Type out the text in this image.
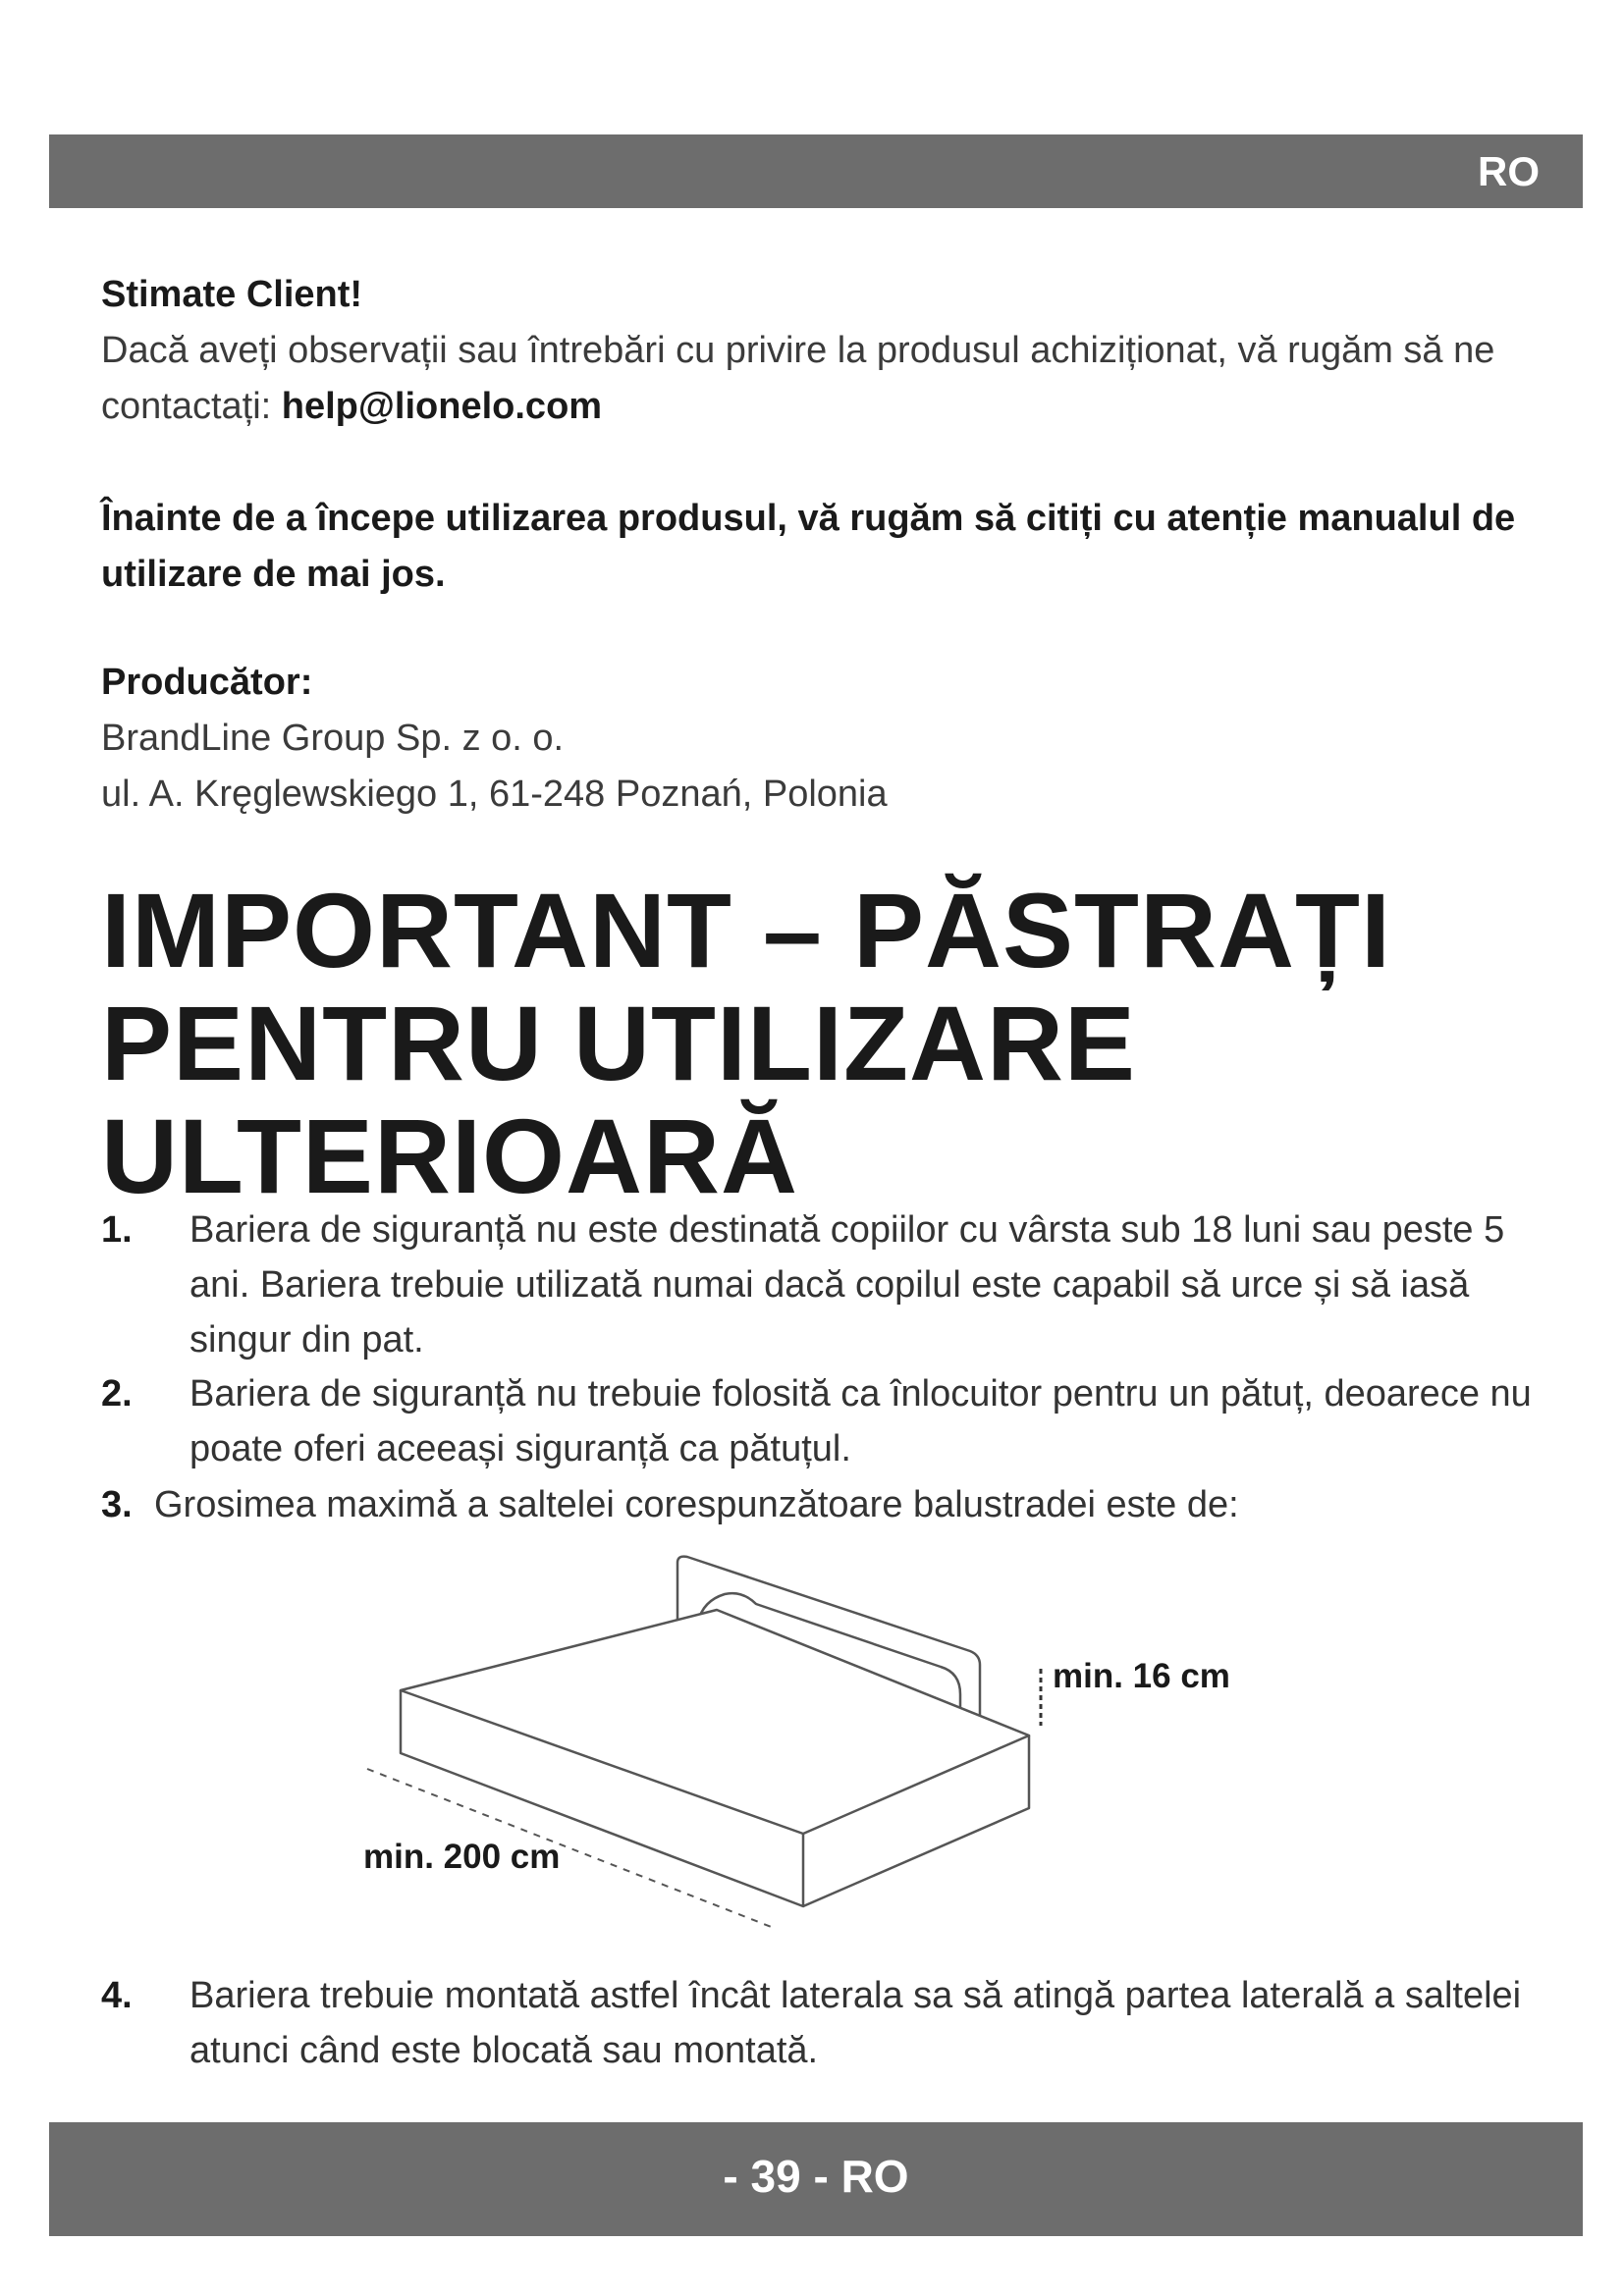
RO
Stimate Client!
Dacă aveți observații sau întrebări cu privire la produsul achiziționat, vă rugăm să ne contactați: help@lionelo.com
Înainte de a începe utilizarea produsul, vă rugăm să citiți cu atenție manualul de utilizare de mai jos.
Producător:
BrandLine Group Sp. z o. o.
ul. A. Kręglewskiego 1, 61-248 Poznań, Polonia
IMPORTANT – PĂSTRAȚI
PENTRU UTILIZARE
ULTERIOARĂ
1. Bariera de siguranță nu este destinată copiilor cu vârsta sub 18 luni sau peste 5 ani. Bariera trebuie utilizată numai dacă copilul este capabil să urce și să iasă singur din pat.
2. Bariera de siguranță nu trebuie folosită ca înlocuitor pentru un pătuț, deoarece nu poate oferi aceeași siguranță ca pătuțul.
3. Grosimea maximă a saltelei corespunzătoare balustradei este de:
min. 16 cm
min. 200 cm
4. Bariera trebuie montată astfel încât laterala sa să atingă partea laterală a saltelei atunci când este blocată sau montată.
- 39 - RO
